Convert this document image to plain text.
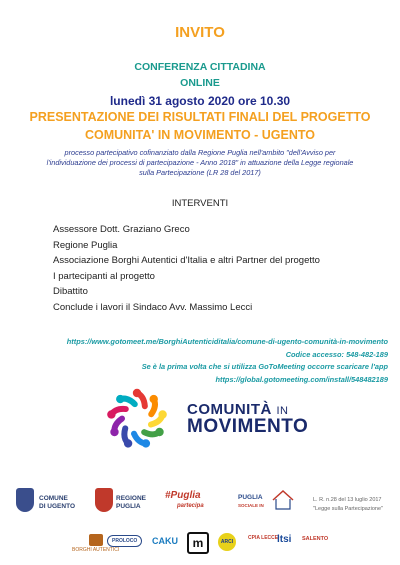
INVITO
CONFERENZA CITTADINA
ONLINE
lunedì 31 agosto 2020 ore 10.30
PRESENTAZIONE DEI RISULTATI FINALI DEL PROGETTO
COMUNITA' IN MOVIMENTO - UGENTO
processo partecipativo cofinanziato dalla Regione Puglia nell'ambito "dell'Avviso per
l'individuazione dei processi di partecipazione - Anno 2018" in attuazione della Legge regionale
sulla Partecipazione (LR 28 del 2017)
INTERVENTI
Assessore Dott. Graziano Greco
Regione Puglia
Associazione Borghi Autentici d'Italia e altri Partner del progetto
I partecipanti al progetto
Dibattito
Conclude i lavori il Sindaco Avv. Massimo Lecci
https://www.gotomeet.me/BorghiAutenticiditalia/comune-di-ugento-comunità-in-movimento
Codice accesso: 548-482-189
Se è la prima volta che si utilizza GoToMeeting occorre scaricare l'app
https://global.gotomeeting.com/install/548482189
COMUNITÀ IN
MOVIMENTO
COMUNE
DI UGENTO
REGIONE
PUGLIA
#Puglia
partecipa
PUGLIA
SOCIALE IN
L. R. n.28 del 13 luglio 2017
"Legge sulla Partecipazione"
BORGHI AUTENTICI
PROLOCO	CAKU	m	ARCI
CPIA LECCE
ltsi SALENTO
